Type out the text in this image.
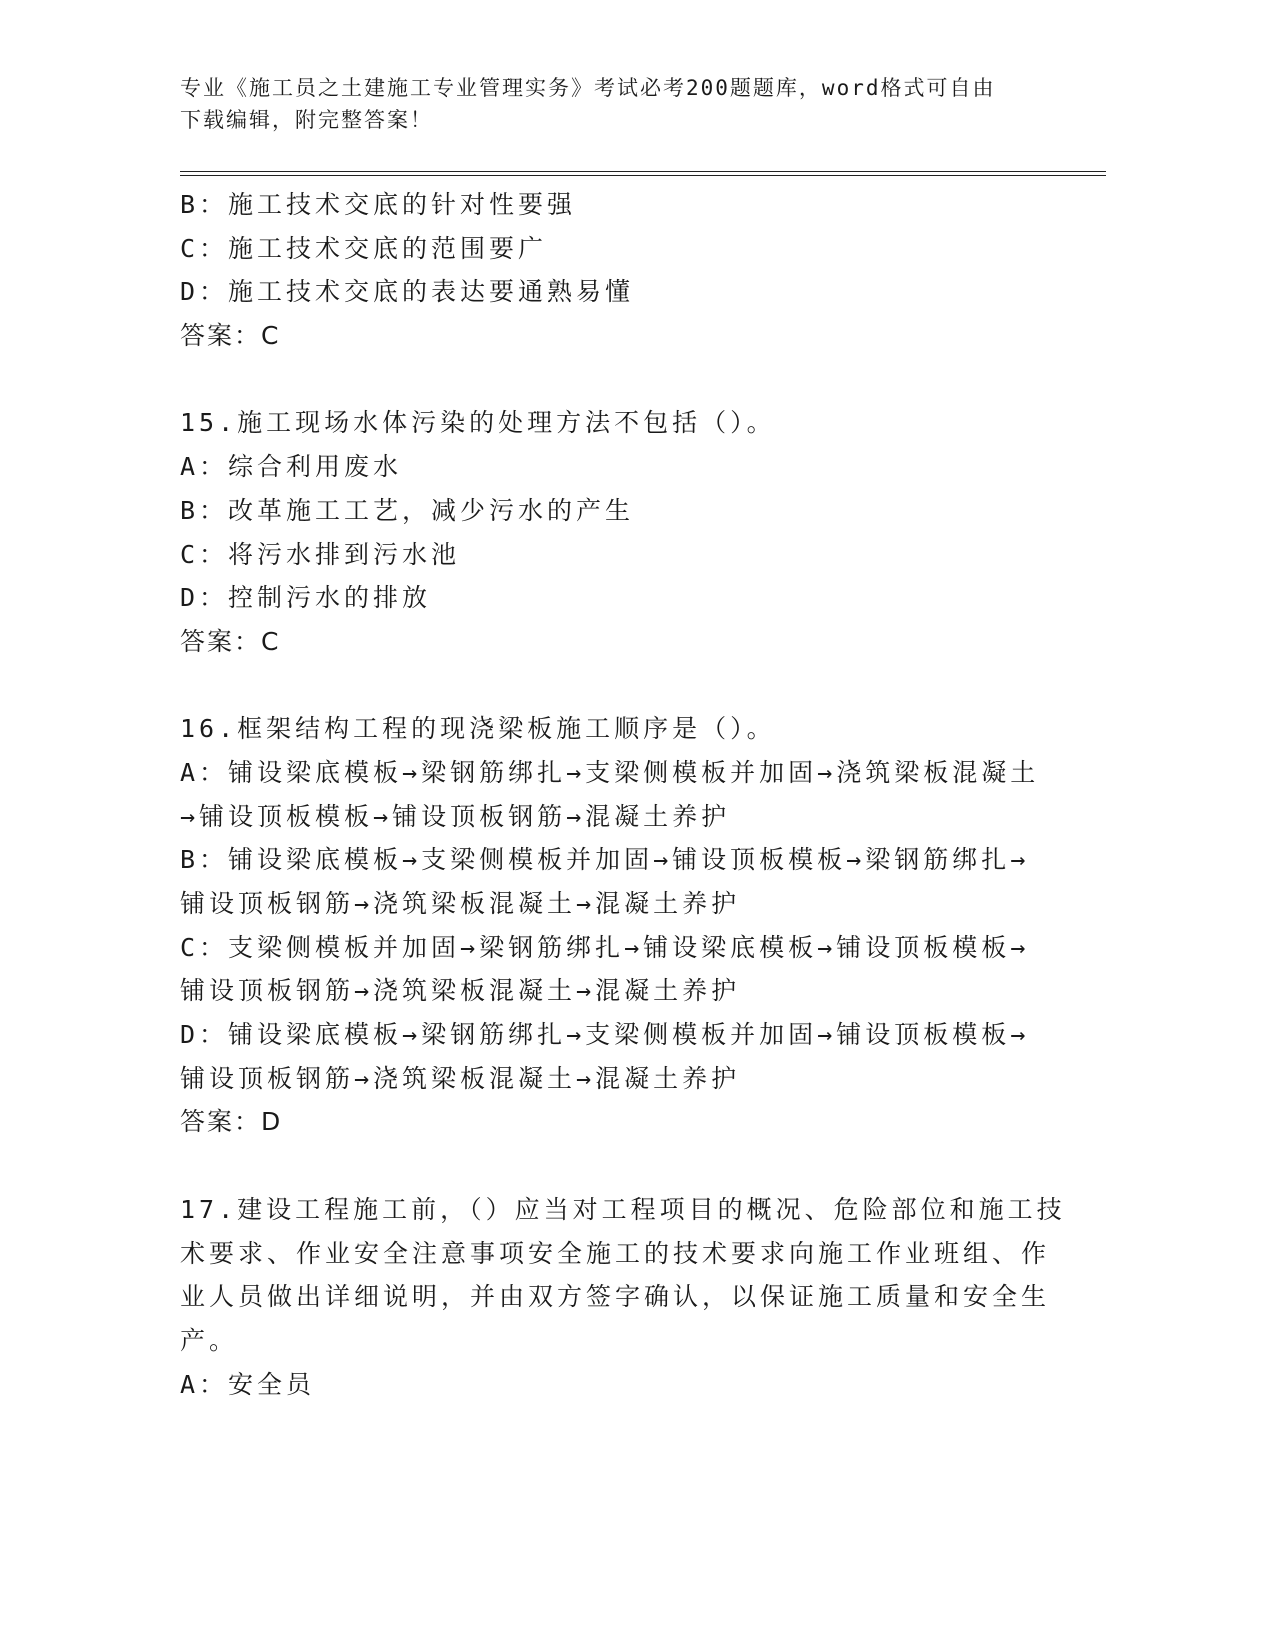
专业《施工员之土建施工专业管理实务》考试必考200题题库，word格式可自由
下载编辑，附完整答案！
B：施工技术交底的针对性要强
C：施工技术交底的范围要广
D：施工技术交底的表达要通熟易懂
答案：C
15.施工现场水体污染的处理方法不包括（）。
A：综合利用废水
B：改革施工工艺，减少污水的产生
C：将污水排到污水池
D：控制污水的排放
答案：C
16.框架结构工程的现浇梁板施工顺序是（）。
A：铺设梁底模板→梁钢筋绑扎→支梁侧模板并加固→浇筑梁板混凝土
→铺设顶板模板→铺设顶板钢筋→混凝土养护
B：铺设梁底模板→支梁侧模板并加固→铺设顶板模板→梁钢筋绑扎→
铺设顶板钢筋→浇筑梁板混凝土→混凝土养护
C：支梁侧模板并加固→梁钢筋绑扎→铺设梁底模板→铺设顶板模板→
铺设顶板钢筋→浇筑梁板混凝土→混凝土养护
D：铺设梁底模板→梁钢筋绑扎→支梁侧模板并加固→铺设顶板模板→
铺设顶板钢筋→浇筑梁板混凝土→混凝土养护
答案：D
17.建设工程施工前，（）应当对工程项目的概况、危险部位和施工技
术要求、作业安全注意事项安全施工的技术要求向施工作业班组、作
业人员做出详细说明，并由双方签字确认，以保证施工质量和安全生
产。
A：安全员
